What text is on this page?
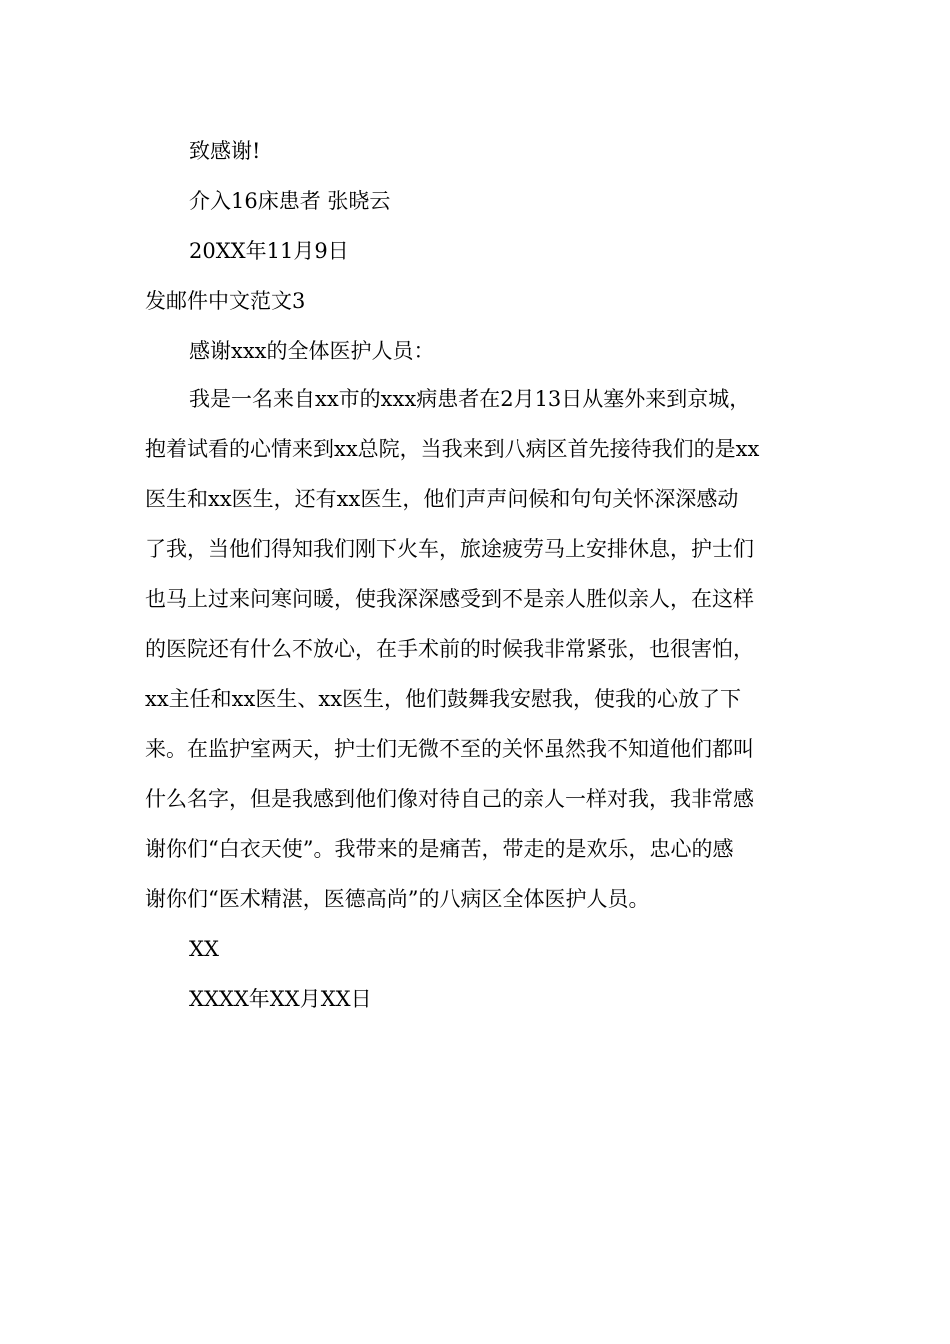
致感谢!
介入16床患者 张晓云
20XX年11月9日
发邮件中文范文3
感谢xxx的全体医护人员：
我是一名来自xx市的xxx病患者在2月13日从塞外来到京城，
抱着试看的心情来到xx总院，当我来到八病区首先接待我们的是xx
医生和xx医生，还有xx医生，他们声声问候和句句关怀深深感动
了我，当他们得知我们刚下火车，旅途疲劳马上安排休息，护士们
也马上过来问寒问暖，使我深深感受到不是亲人胜似亲人，在这样
的医院还有什么不放心，在手术前的时候我非常紧张，也很害怕，
xx主任和xx医生、xx医生，他们鼓舞我安慰我，使我的心放了下
来。在监护室两天，护士们无微不至的关怀虽然我不知道他们都叫
什么名字，但是我感到他们像对待自己的亲人一样对我，我非常感
谢你们“白衣天使”。我带来的是痛苦，带走的是欢乐，忠心的感
谢你们“医术精湛，医德高尚”的八病区全体医护人员。
XX
XXXX年XX月XX日
